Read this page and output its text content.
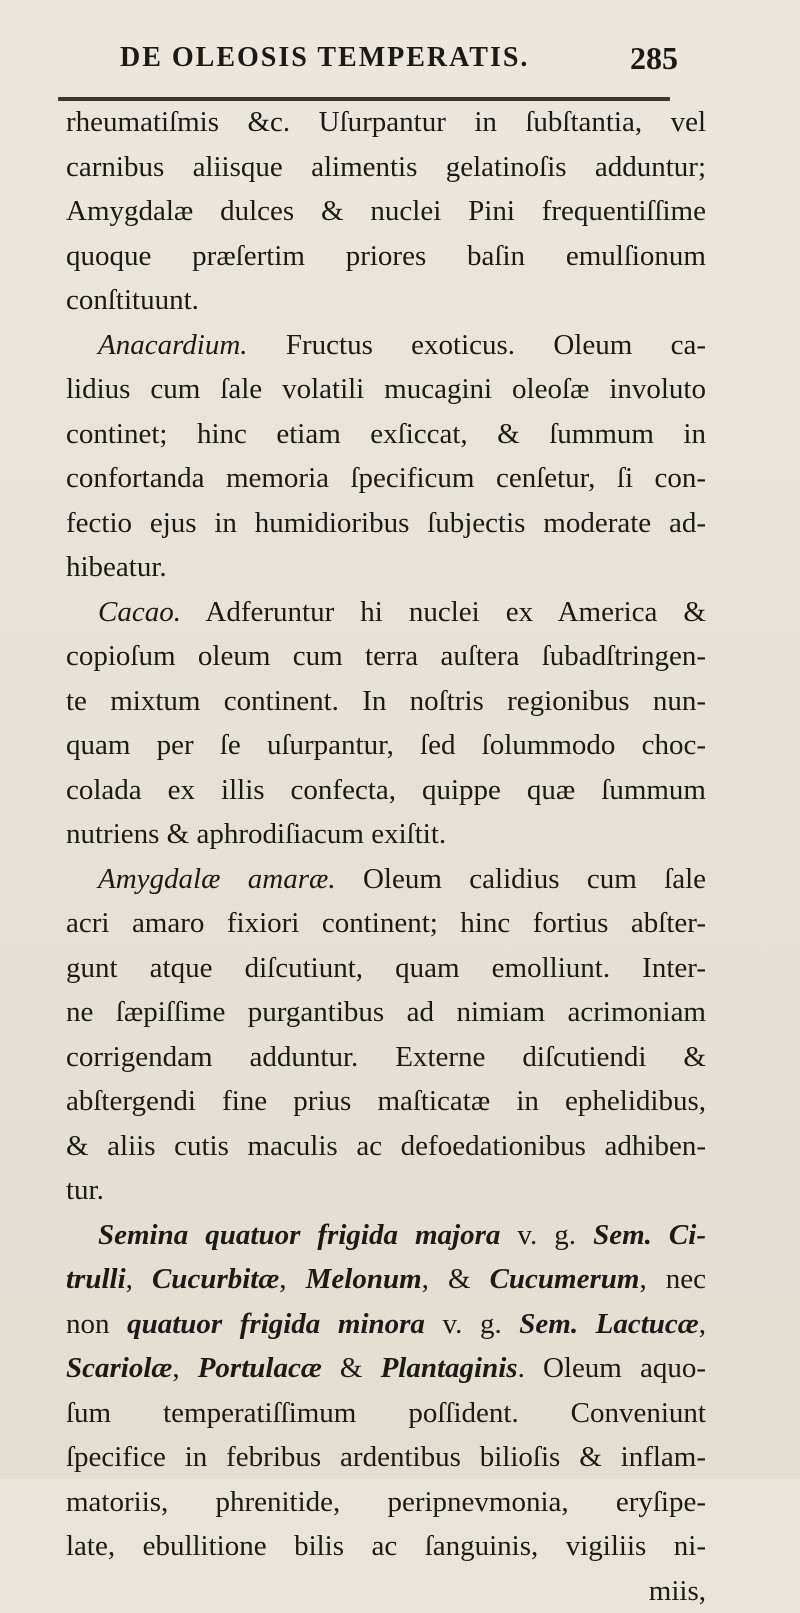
DE OLEOSIS TEMPERATIS.	285
rheumatiſmis &c. Uſurpantur in ſubſtantia, vel
carnibus aliisque alimentis gelatinoſis adduntur;
Amygdalæ dulces & nuclei Pini frequentiſſime
quoque præſertim priores baſin emulſionum
conſtituunt.
Anacardium. Fructus exoticus. Oleum ca-
lidius cum ſale volatili mucagini oleoſæ involuto
continet; hinc etiam exſiccat, & ſummum in
confortanda memoria ſpecificum cenſetur, ſi con-
fectio ejus in humidioribus ſubjectis moderate ad-
hibeatur.
Cacao. Adferuntur hi nuclei ex America &
copioſum oleum cum terra auſtera ſubadſtringen-
te mixtum continent. In noſtris regionibus nun-
quam per ſe uſurpantur, ſed ſolummodo choc-
colada ex illis confecta, quippe quæ ſummum
nutriens & aphrodiſiacum exiſtit.
Amygdalæ amaræ. Oleum calidius cum ſale
acri amaro fixiori continent; hinc fortius abſter-
gunt atque diſcutiunt, quam emolliunt. Inter-
ne ſæpiſſime purgantibus ad nimiam acrimoniam
corrigendam adduntur. Externe diſcutiendi &
abſtergendi fine prius maſticatæ in ephelidibus,
& aliis cutis maculis ac defoedationibus adhiben-
tur.
Semina quatuor frigida majora v. g. Sem. Ci-
trulli, Cucurbitæ, Melonum, & Cucumerum, nec
non quatuor frigida minora v. g. Sem. Lactucæ,
Scariolæ, Portulacæ & Plantaginis. Oleum aquo-
ſum temperatiſſimum poſſident. Conveniunt
ſpecifice in febribus ardentibus bilioſis & inflam-
matoriis, phrenitide, peripnevmonia, eryſipe-
late, ebullitione bilis ac ſanguinis, vigiliis ni-
miis,
